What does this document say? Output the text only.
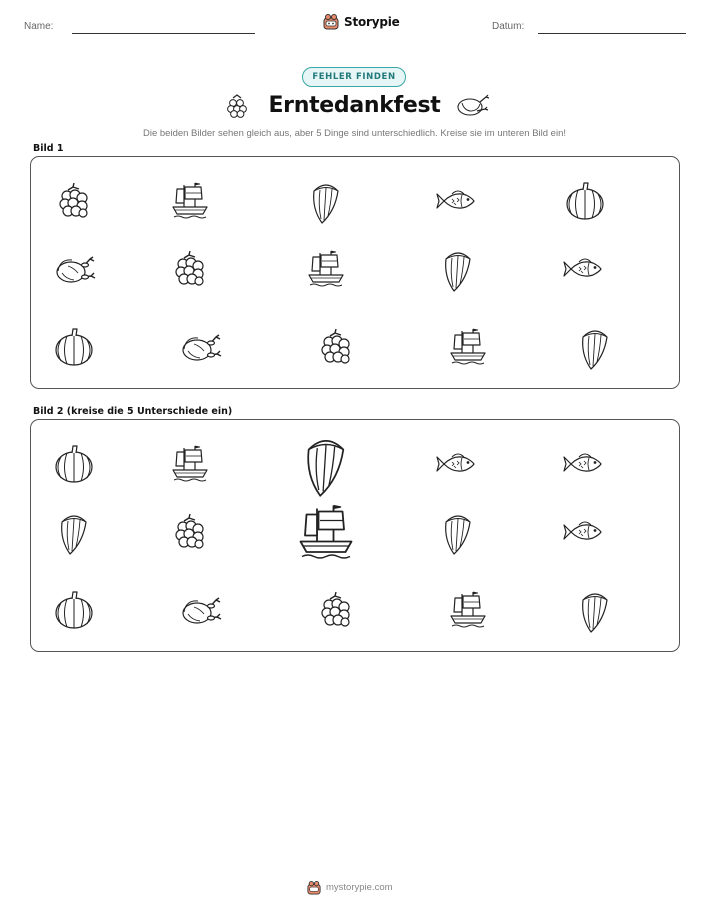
Name:	Storypie	Datum:
FEHLER FINDEN
Erntedankfest
Die beiden Bilder sehen gleich aus, aber 5 Dinge sind unterschiedlich. Kreise sie im unteren Bild ein!
Bild 1
Bild 2 (kreise die 5 Unterschiede ein)
mystorypie.com
